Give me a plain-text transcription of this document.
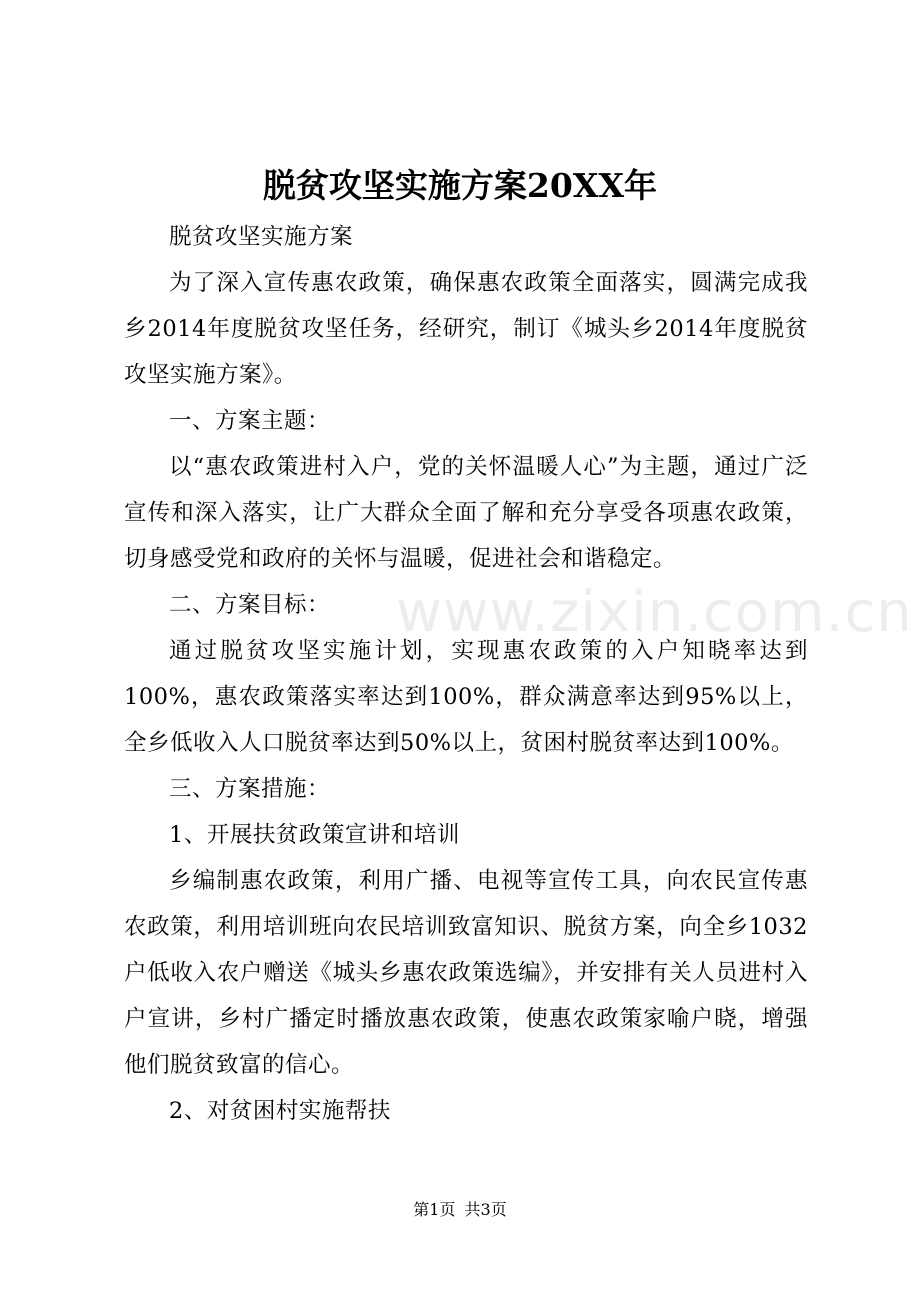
www.zixin.com.cn
脱贫攻坚实施方案20XX年

脱贫攻坚实施方案

为了深入宣传惠农政策，确保惠农政策全面落实，圆满完成我乡2014年度脱贫攻坚任务，经研究，制订《城头乡2014年度脱贫攻坚实施方案》。

一、方案主题：

以“惠农政策进村入户，党的关怀温暖人心”为主题，通过广泛宣传和深入落实，让广大群众全面了解和充分享受各项惠农政策，切身感受党和政府的关怀与温暖，促进社会和谐稳定。

二、方案目标：

通过脱贫攻坚实施计划，实现惠农政策的入户知晓率达到100%，惠农政策落实率达到100%，群众满意率达到95%以上，全乡低收入人口脱贫率达到50%以上，贫困村脱贫率达到100%。

三、方案措施：

1、开展扶贫政策宣讲和培训

乡编制惠农政策，利用广播、电视等宣传工具，向农民宣传惠农政策，利用培训班向农民培训致富知识、脱贫方案，向全乡1032户低收入农户赠送《城头乡惠农政策选编》，并安排有关人员进村入户宣讲，乡村广播定时播放惠农政策，使惠农政策家喻户晓，增强他们脱贫致富的信心。

2、对贫困村实施帮扶

第1页 共3页
